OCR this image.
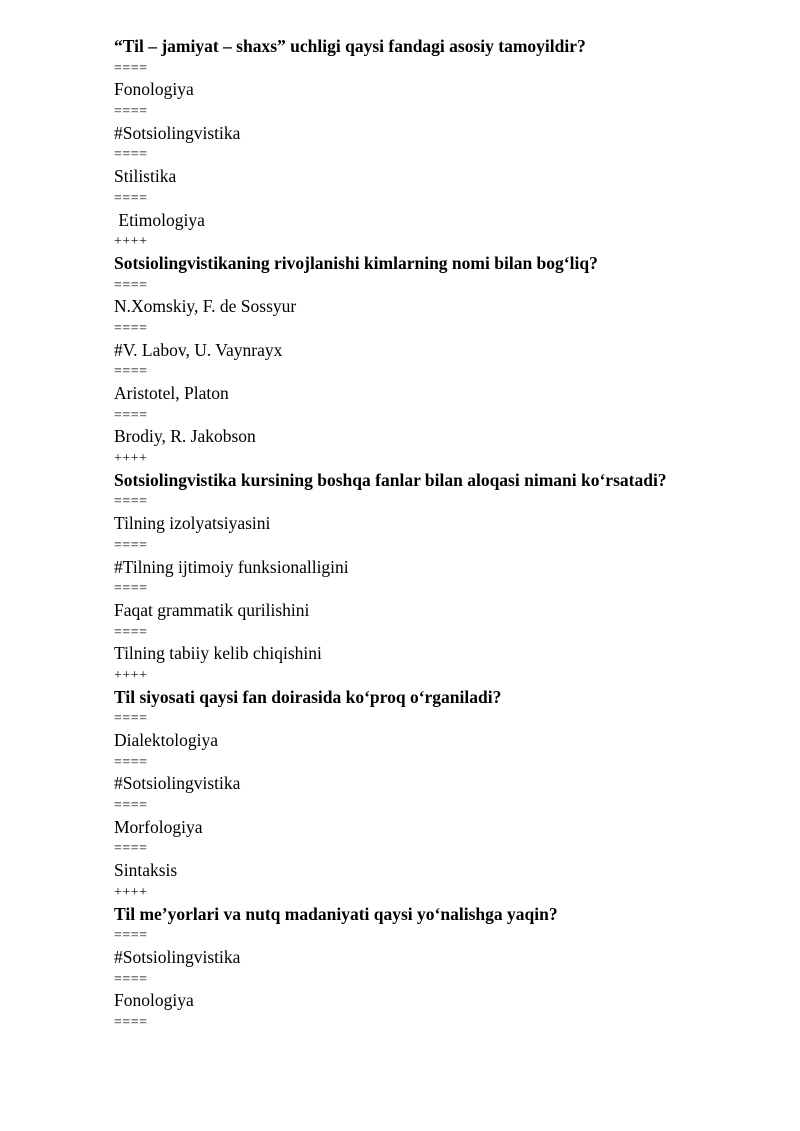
“Til – jamiyat – shaxs” uchligi qaysi fandagi asosiy tamoyildir?
====
Fonologiya
====
#Sotsiolingvistika
====
Stilistika
====
Etimologiya
++++
Sotsiolingvistikaning rivojlanishi kimlarning nomi bilan bog‘liq?
====
N.Xomskiy, F. de Sossyur
====
#V. Labov, U. Vaynrayx
====
Aristotel, Platon
====
Brodiy, R. Jakobson
++++
Sotsiolingvistika kursining boshqa fanlar bilan aloqasi nimani ko‘rsatadi?
====
Tilning izolyatsiyasini
====
#Tilning ijtimoiy funksionalligini
====
Faqat grammatik qurilishini
====
Tilning tabiiy kelib chiqishini
++++
Til siyosati qaysi fan doirasida ko‘proq o‘rganiladi?
====
Dialektologiya
====
#Sotsiolingvistika
====
Morfologiya
====
Sintaksis
++++
Til me’yorlari va nutq madaniyati qaysi yo‘nalishga yaqin?
====
#Sotsiolingvistika
====
Fonologiya
====
